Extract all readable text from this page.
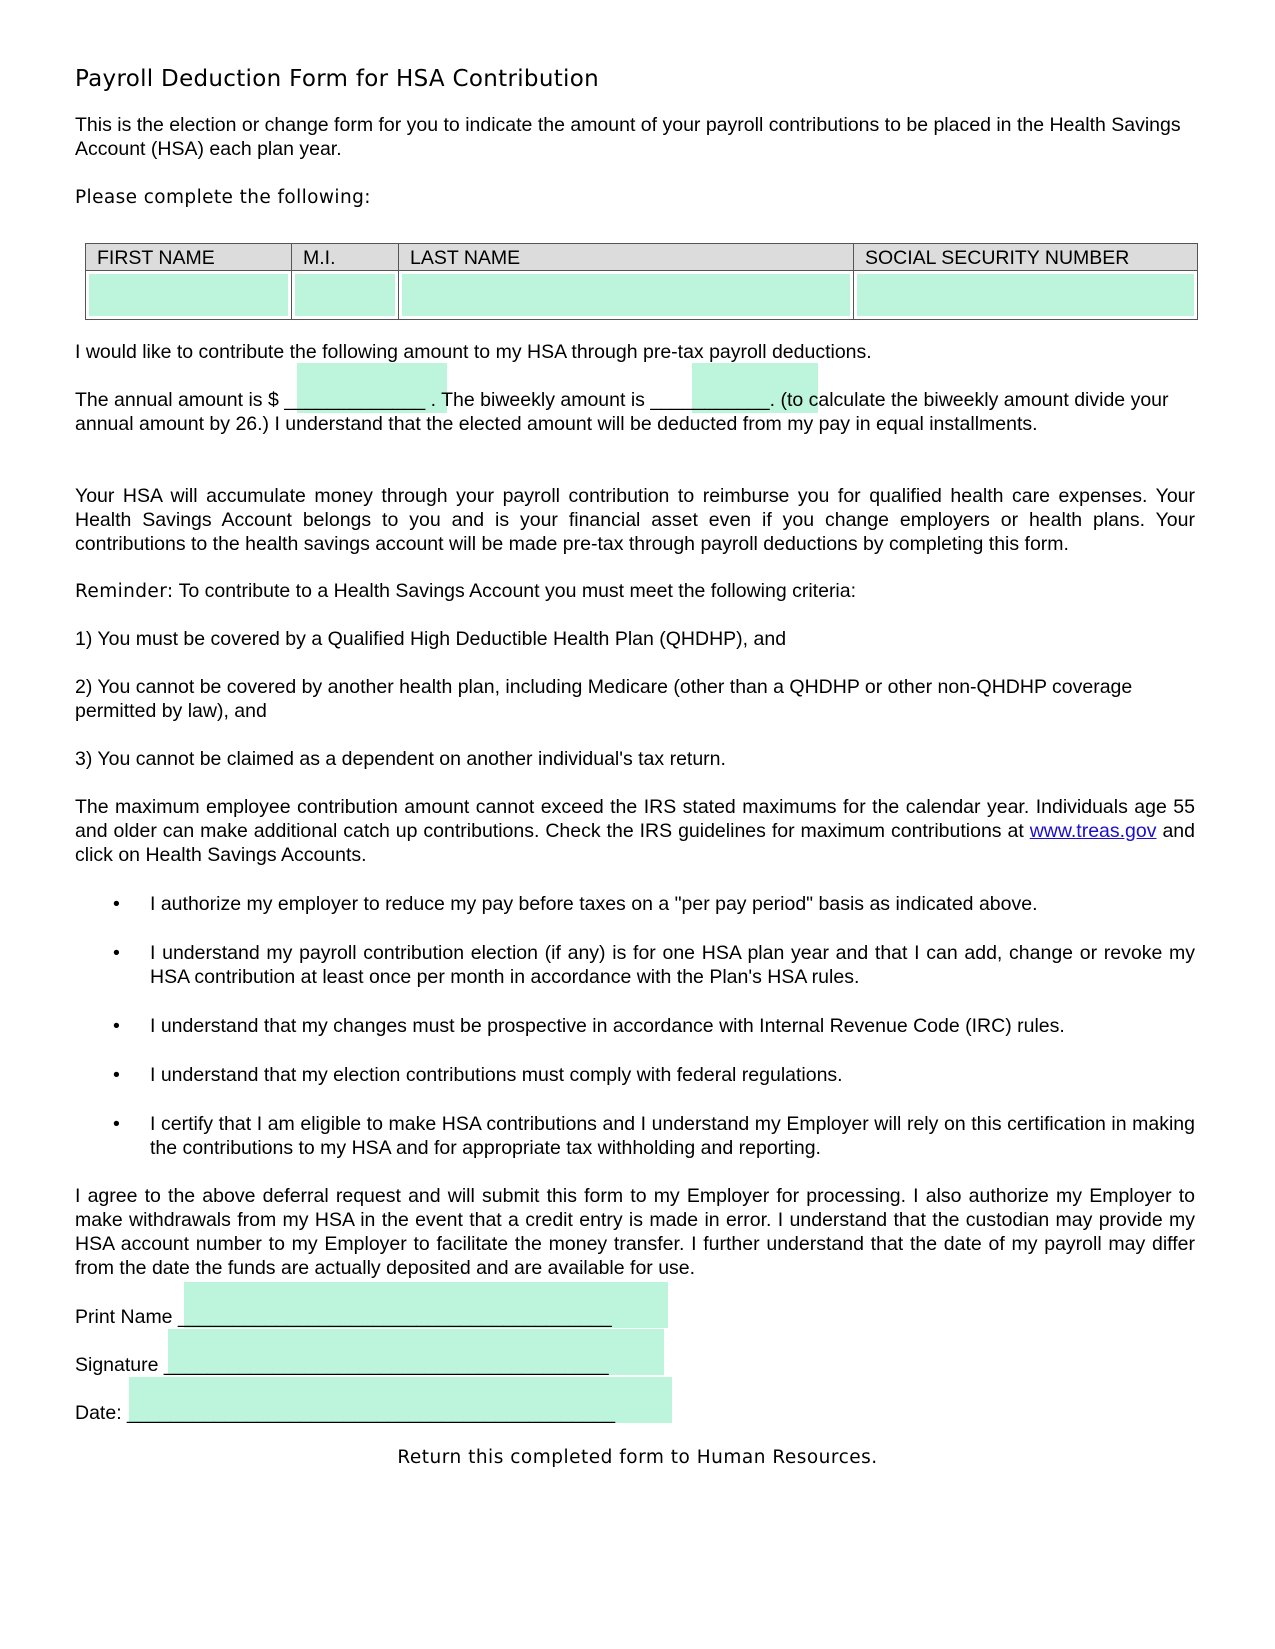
Payroll Deduction Form for HSA Contribution

This is the election or change form for you to indicate the amount of your payroll contributions to be placed in the Health Savings Account (HSA) each plan year.

Please complete the following:

FIRST NAME	M.I.	LAST NAME	SOCIAL SECURITY NUMBER

I would like to contribute the following amount to my HSA through pre-tax payroll deductions.

The annual amount is $ _____________ . The biweekly amount is ___________. (to calculate the biweekly amount divide your annual amount by 26.) I understand that the elected amount will be deducted from my pay in equal installments.

Your HSA will accumulate money through your payroll contribution to reimburse you for qualified health care expenses. Your Health Savings Account belongs to you and is your financial asset even if you change employers or health plans. Your contributions to the health savings account will be made pre-tax through payroll deductions by completing this form.

Reminder: To contribute to a Health Savings Account you must meet the following criteria:

1) You must be covered by a Qualified High Deductible Health Plan (QHDHP), and

2) You cannot be covered by another health plan, including Medicare (other than a QHDHP or other non-QHDHP coverage permitted by law), and

3) You cannot be claimed as a dependent on another individual's tax return.

The maximum employee contribution amount cannot exceed the IRS stated maximums for the calendar year. Individuals age 55 and older can make additional catch up contributions. Check the IRS guidelines for maximum contributions at www.treas.gov and click on Health Savings Accounts.

• I authorize my employer to reduce my pay before taxes on a "per pay period" basis as indicated above.
• I understand my payroll contribution election (if any) is for one HSA plan year and that I can add, change or revoke my HSA contribution at least once per month in accordance with the Plan's HSA rules.
• I understand that my changes must be prospective in accordance with Internal Revenue Code (IRC) rules.
• I understand that my election contributions must comply with federal regulations.
• I certify that I am eligible to make HSA contributions and I understand my Employer will rely on this certification in making the contributions to my HSA and for appropriate tax withholding and reporting.

I agree to the above deferral request and will submit this form to my Employer for processing. I also authorize my Employer to make withdrawals from my HSA in the event that a credit entry is made in error. I understand that the custodian may provide my HSA account number to my Employer to facilitate the money transfer. I further understand that the date of my payroll may differ from the date the funds are actually deposited and are available for use.

Print Name ________________________________________

Signature _________________________________________

Date: _____________________________________________

Return this completed form to Human Resources.
